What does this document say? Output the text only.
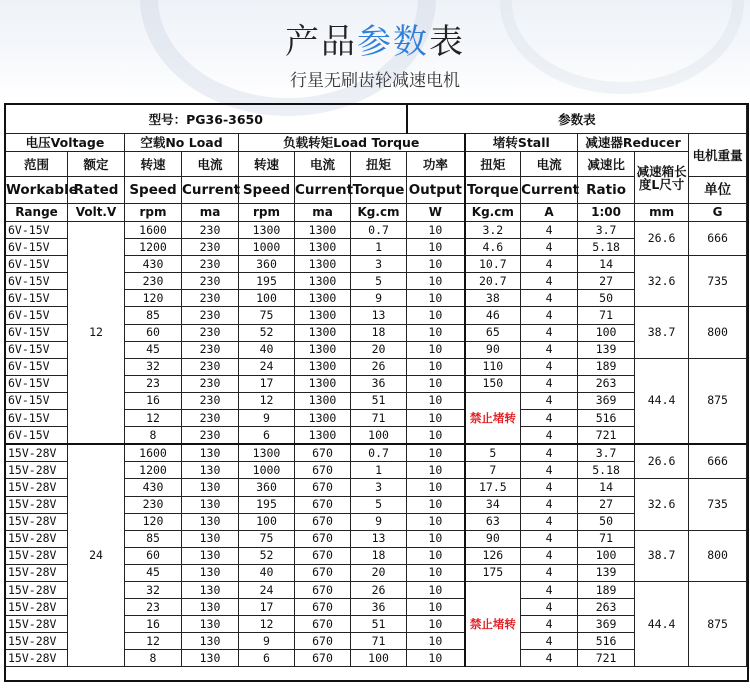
产品参数表
行星无刷齿轮减速电机
型号：PG36-3650							参数表					
电压Voltage		空载No Load		负载转矩Load Torque				堵转Stall		减速器Reducer		电机重量
范围	额定	转速	电流	转速	电流	扭矩	功率	扭矩	电流	减速比	减速箱长度L尺寸	
Workable	Rated	Speed	Current	Speed	Current	Torque	Output	Torque	Current	Ratio		单位
Range	Volt.V	rpm	ma	rpm	ma	Kg.cm	W	Kg.cm	A	1:00	mm	G
6V-15V	12	1600	230	1300	1300	0.7	10	3.2	4	3.7	26.6	666
6V-15V		1200	230	1000	1300	1	10	4.6	4	5.18		
6V-15V		430	230	360	1300	3	10	10.7	4	14	32.6	735
6V-15V		230	230	195	1300	5	10	20.7	4	27		
6V-15V		120	230	100	1300	9	10	38	4	50		
6V-15V		85	230	75	1300	13	10	46	4	71	38.7	800
6V-15V		60	230	52	1300	18	10	65	4	100		
6V-15V		45	230	40	1300	20	10	90	4	139		
6V-15V		32	230	24	1300	26	10	110	4	189	44.4	875
6V-15V		23	230	17	1300	36	10	150	4	263		
6V-15V		16	230	12	1300	51	10	禁止堵转	4	369		
6V-15V		12	230	9	1300	71	10		4	516		
6V-15V		8	230	6	1300	100	10		4	721		
15V-28V	24	1600	130	1300	670	0.7	10	5	4	3.7	26.6	666
15V-28V		1200	130	1000	670	1	10	7	4	5.18		
15V-28V		430	130	360	670	3	10	17.5	4	14	32.6	735
15V-28V		230	130	195	670	5	10	34	4	27		
15V-28V		120	130	100	670	9	10	63	4	50		
15V-28V		85	130	75	670	13	10	90	4	71	38.7	800
15V-28V		60	130	52	670	18	10	126	4	100		
15V-28V		45	130	40	670	20	10	175	4	139		
15V-28V		32	130	24	670	26	10	禁止堵转	4	189	44.4	875
15V-28V		23	130	17	670	36	10		4	263		
15V-28V		16	130	12	670	51	10		4	369		
15V-28V		12	130	9	670	71	10		4	516		
15V-28V		8	130	6	670	100	10		4	721		
